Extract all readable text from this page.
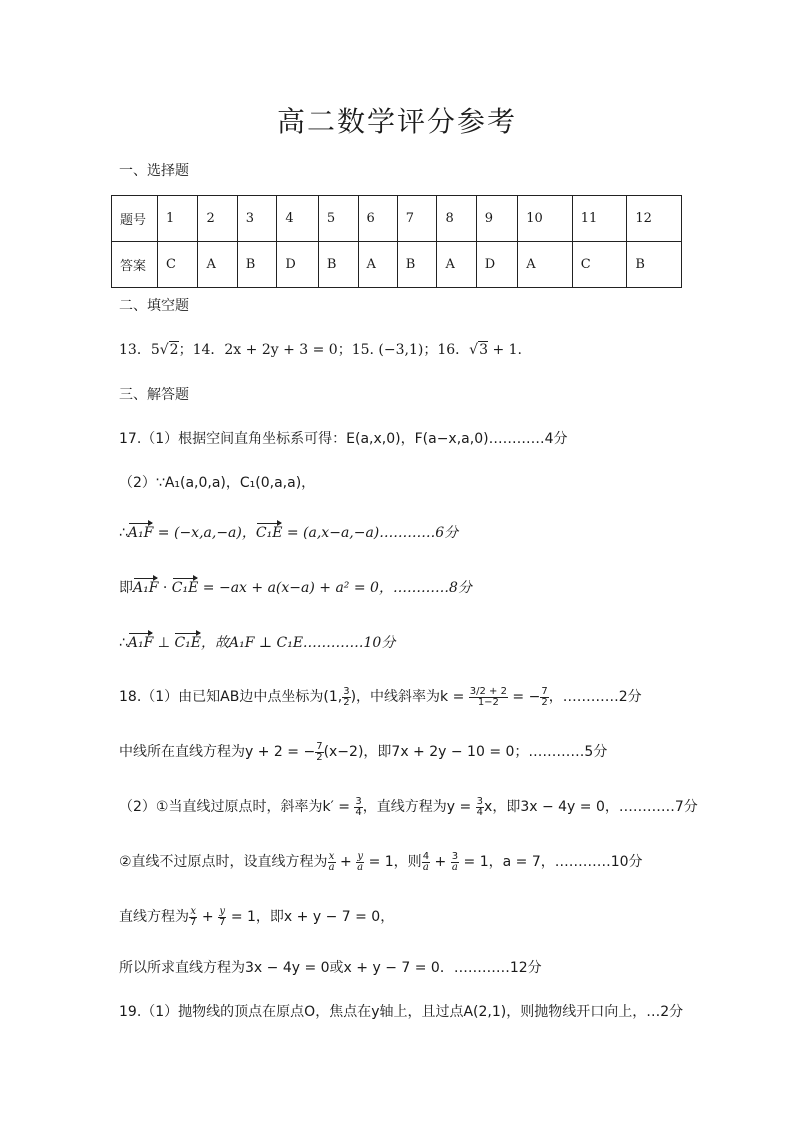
高二数学评分参考
一、选择题
题号	1	2	3	4	5	6	7	8	9	10	11	12
答案	C	A	B	D	B	A	B	A	D	A	C	B
二、填空题
13．5√2；14．2x + 2y + 3 = 0；15. (−3,1)；16．√3 + 1.
三、解答题
17.（1）根据空间直角坐标系可得：E(a,x,0)，F(a−x,a,0)…………4分
（2）∵A₁(a,0,a)，C₁(0,a,a)，
∴A₁F = (−x,a,−a)，C₁E = (a,x−a,−a)…………6分
即A₁F · C₁E = −ax + a(x−a) + a² = 0，…………8分
∴A₁F ⊥ C₁E，故A₁F ⊥ C₁E.…………10分
18.（1）由已知AB边中点坐标为(1, $\frac{3}{2}$ )，中线斜率为$k = \frac{3/2 + 2}{1-2}$ = − $\frac{7}{2}$ ，…………2分
中线所在直线方程为y + 2 = − $\frac{7}{2} (x-2)$，即7x + 2y − 10 = 0；…………5分
（2）①当直线过原点时，斜率为$k' = \frac{3}{4}$ ，直线方程为$y = \frac{3}{4}$ x，即3x − 4y = 0，…………7分
②直线不过原点时，设直线方程为 $\frac{x}{a} + \frac{y}{a} = 1$，则 $\frac{4}{a} + \frac{3}{a} = 1$，a = 7，…………10分
直线方程为 $\frac{x}{7} + \frac{y}{7} = 1$，即x + y − 7 = 0，
所以所求直线方程为3x − 4y = 0或x + y − 7 = 0．…………12分
19.（1）抛物线的顶点在原点O，焦点在y轴上，且过点A(2,1)，则抛物线开口向上，…2分
